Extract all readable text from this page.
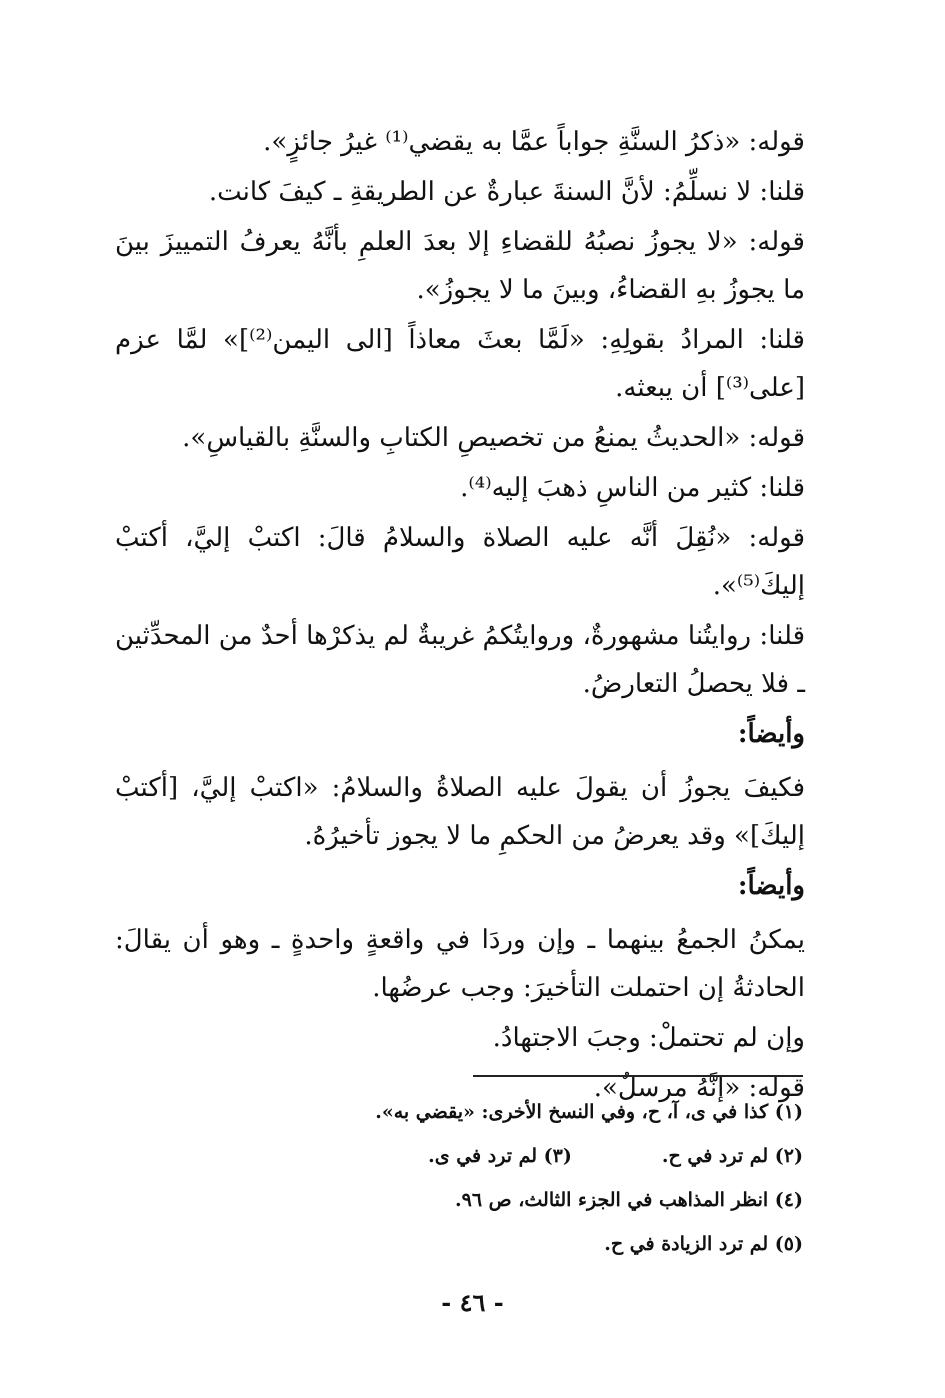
قوله: «ذكرُ السنَّةِ جواباً عمَّا به يقضي⁽¹⁾ غيرُ جائزٍ».

قلنا: لا نسلِّمُ: لأنَّ السنةَ عبارةٌ عن الطريقةِ ـ كيفَ كانت.

قوله: «لا يجوزُ نصبُهُ للقضاءِ إلا بعدَ العلمِ بأنَّهُ يعرفُ التمييزَ بينَ ما يجوزُ بهِ القضاءُ، وبينَ ما لا يجوزُ».

قلنا: المرادُ بقولِهِ: «لَمَّا بعثَ معاذاً [الى اليمن⁽²⁾]» لمَّا عزم [على⁽³⁾] أن يبعثه.

قوله: «الحديثُ يمنعُ من تخصيصِ الكتابِ والسنَّةِ بالقياسِ».

قلنا: كثير من الناسِ ذهبَ إليه⁽⁴⁾.

قوله: «نُقِلَ أنَّه عليه الصلاة والسلامُ قالَ: اكتبْ إليَّ، أكتبْ إليكَ⁽⁵⁾».

قلنا: روايتُنا مشهورةٌ، وروايتُكمُ غريبةٌ لم يذكرْها أحدٌ من المحدِّثين ـ فلا يحصلُ التعارضُ.

وأيضاً:

فكيفَ يجوزُ أن يقولَ عليه الصلاةُ والسلامُ: «اكتبْ إليَّ، [أكتبْ إليكَ]» وقد يعرضُ من الحكمِ ما لا يجوز تأخيرُهُ.

وأيضاً:

يمكنُ الجمعُ بينهما ـ وإن وردَا في واقعةٍ واحدةٍ ـ وهو أن يقالَ: الحادثةُ إن احتملت التأخيرَ: وجب عرضُها.

وإن لم تحتملْ: وجبَ الاجتهادُ.

قوله: «إنَّهُ مرسلٌ».

(١) كذا في ى، آ، ح، وفي النسخ الأخرى: «يقضي به».

(٢) لم ترد في ح.
(٣) لم ترد في ى.

(٤) انظر المذاهب في الجزء الثالث، ص ٩٦.

(٥) لم ترد الزيادة في ح.

- ٤٦ -
